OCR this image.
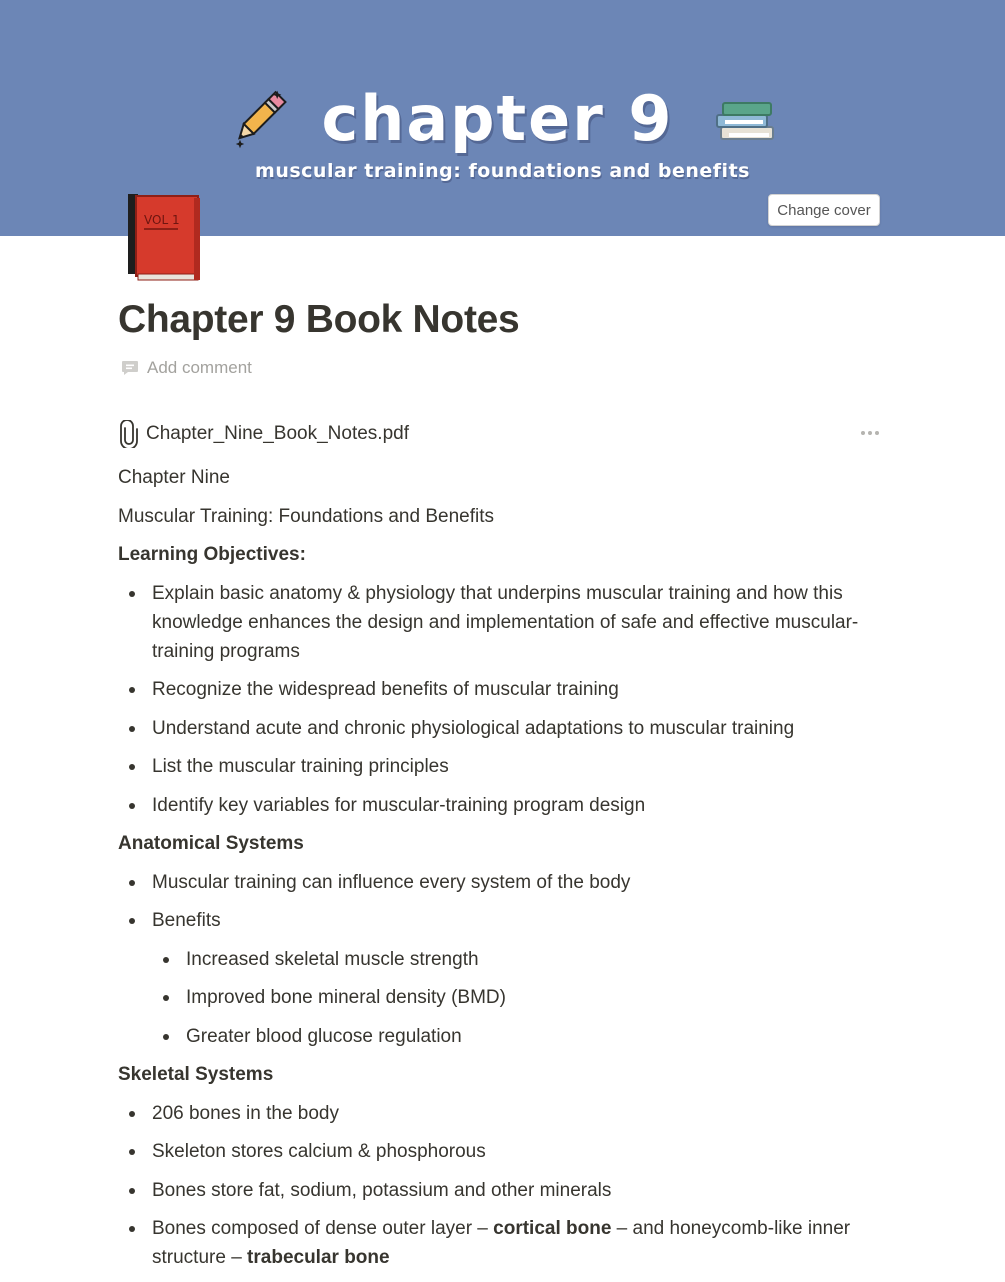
chapter 9
muscular training: foundations and benefits
Change cover
VOL 1
Chapter 9 Book Notes
Add comment
Chapter_Nine_Book_Notes.pdf

Chapter Nine

Muscular Training: Foundations and Benefits

Learning Objectives:

Explain basic anatomy & physiology that underpins muscular training and how this knowledge enhances the design and implementation of safe and effective muscular-training programs
Recognize the widespread benefits of muscular training
Understand acute and chronic physiological adaptations to muscular training
List the muscular training principles
Identify key variables for muscular-training program design

Anatomical Systems

Muscular training can influence every system of the body
Benefits
Increased skeletal muscle strength
Improved bone mineral density (BMD)
Greater blood glucose regulation

Skeletal Systems

206 bones in the body
Skeleton stores calcium & phosphorous
Bones store fat, sodium, potassium and other minerals
Bones composed of dense outer layer – cortical bone – and honeycomb-like inner structure – trabecular bone
